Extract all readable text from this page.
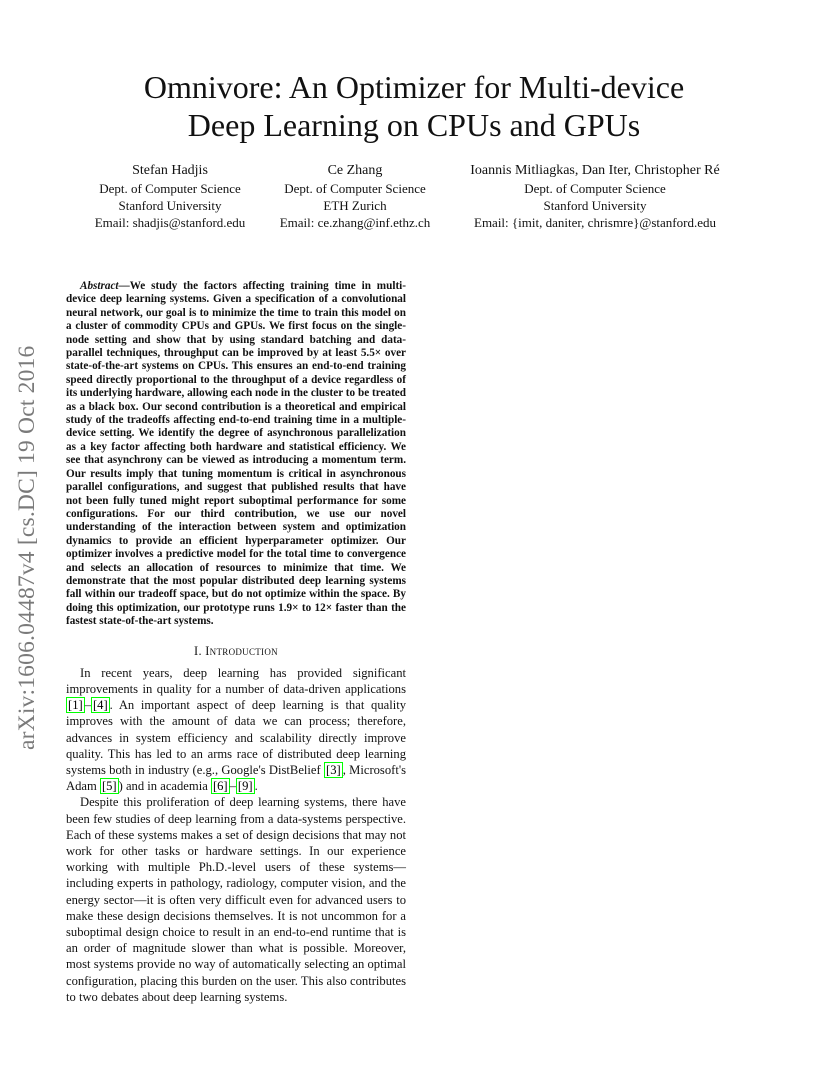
arXiv:1606.04487v4 [cs.DC] 19 Oct 2016
Omnivore: An Optimizer for Multi-device
Deep Learning on CPUs and GPUs
Stefan Hadjis
Dept. of Computer Science
Stanford University
Email: shadjis@stanford.edu
Ce Zhang
Dept. of Computer Science
ETH Zurich
Email: ce.zhang@inf.ethz.ch
Ioannis Mitliagkas, Dan Iter, Christopher Ré
Dept. of Computer Science
Stanford University
Email: {imit, daniter, chrismre}@stanford.edu

Abstract—We study the factors affecting training time in multi-device deep learning systems. Given a specification of a convolutional neural network, our goal is to minimize the time to train this model on a cluster of commodity CPUs and GPUs. We first focus on the single-node setting and show that by using standard batching and data-parallel techniques, throughput can be improved by at least 5.5× over state-of-the-art systems on CPUs. This ensures an end-to-end training speed directly proportional to the throughput of a device regardless of its underlying hardware, allowing each node in the cluster to be treated as a black box. Our second contribution is a theoretical and empirical study of the tradeoffs affecting end-to-end training time in a multiple-device setting. We identify the degree of asynchronous parallelization as a key factor affecting both hardware and statistical efficiency. We see that asynchrony can be viewed as introducing a momentum term. Our results imply that tuning momentum is critical in asynchronous parallel configurations, and suggest that published results that have not been fully tuned might report suboptimal performance for some configurations. For our third contribution, we use our novel understanding of the interaction between system and optimization dynamics to provide an efficient hyperparameter optimizer. Our optimizer involves a predictive model for the total time to convergence and selects an allocation of resources to minimize that time. We demonstrate that the most popular distributed deep learning systems fall within our tradeoff space, but do not optimize within the space. By doing this optimization, our prototype runs 1.9× to 12× faster than the fastest state-of-the-art systems.

I. Introduction

In recent years, deep learning has provided significant improvements in quality for a number of data-driven applications [1] – [4] . An important aspect of deep learning is that quality improves with the amount of data we can process; therefore, advances in system efficiency and scalability directly improve quality. This has led to an arms race of distributed deep learning systems both in industry (e.g., Google's DistBelief [3] , Microsoft's Adam [5] ) and in academia [6] – [9] .

Despite this proliferation of deep learning systems, there have been few studies of deep learning from a data-systems perspective. Each of these systems makes a set of design decisions that may not work for other tasks or hardware settings. In our experience working with multiple Ph.D.-level users of these systems—including experts in pathology, radiology, computer vision, and the energy sector—it is often very difficult even for advanced users to make these design decisions themselves. It is not uncommon for a suboptimal design choice to result in an end-to-end runtime that is an order of magnitude slower than what is possible. Moreover, most systems provide no way of automatically selecting an optimal configuration, placing this burden on the user. This also contributes to two debates about deep learning systems.
